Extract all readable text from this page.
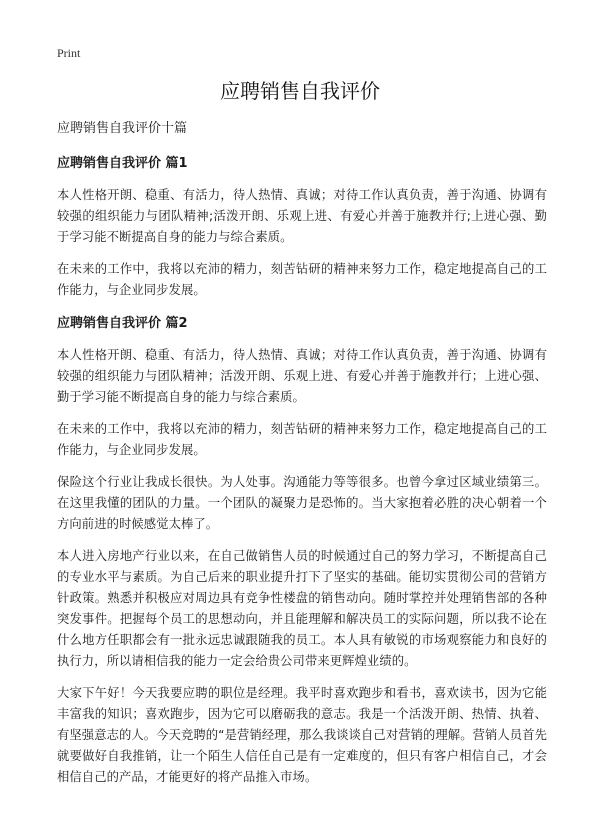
Print
应聘销售自我评价

应聘销售自我评价十篇

应聘销售自我评价 篇1

本人性格开朗、稳重、有活力，待人热情、真诚；对待工作认真负责，善于沟通、协调有较强的组织能力与团队精神;活泼开朗、乐观上进、有爱心并善于施教并行;上进心强、勤于学习能不断提高自身的能力与综合素质。

在未来的工作中，我将以充沛的精力，刻苦钻研的精神来努力工作，稳定地提高自己的工作能力，与企业同步发展。

应聘销售自我评价 篇2

本人性格开朗、稳重、有活力，待人热情、真诚；对待工作认真负责，善于沟通、协调有较强的组织能力与团队精神；活泼开朗、乐观上进、有爱心并善于施教并行；上进心强、勤于学习能不断提高自身的能力与综合素质。

在未来的工作中，我将以充沛的精力，刻苦钻研的精神来努力工作，稳定地提高自己的工作能力，与企业同步发展。

保险这个行业让我成长很快。为人处事。沟通能力等等很多。也曾今拿过区域业绩第三。在这里我懂的团队的力量。一个团队的凝聚力是恐怖的。当大家抱着必胜的决心朝着一个方向前进的时候感觉太棒了。

本人进入房地产行业以来，在自己做销售人员的时候通过自己的努力学习，不断提高自己的专业水平与素质。为自己后来的职业提升打下了坚实的基础。能切实贯彻公司的营销方针政策。熟悉并积极应对周边具有竞争性楼盘的销售动向。随时掌控并处理销售部的各种突发事件。把握每个员工的思想动向，并且能理解和解决员工的实际问题，所以我不论在什么地方任职都会有一批永远忠诚跟随我的员工。本人具有敏锐的市场观察能力和良好的执行力，所以请相信我的能力一定会给贵公司带来更辉煌业绩的。

大家下午好！今天我要应聘的职位是经理。我平时喜欢跑步和看书，喜欢读书，因为它能丰富我的知识；喜欢跑步，因为它可以磨砺我的意志。我是一个活泼开朗、热情、执着、有坚强意志的人。今天竞聘的“是营销经理，那么我谈谈自己对营销的理解。营销人员首先就要做好自我推销，让一个陌生人信任自己是有一定难度的，但只有客户相信自己，才会相信自己的产品，才能更好的将产品推入市场。
